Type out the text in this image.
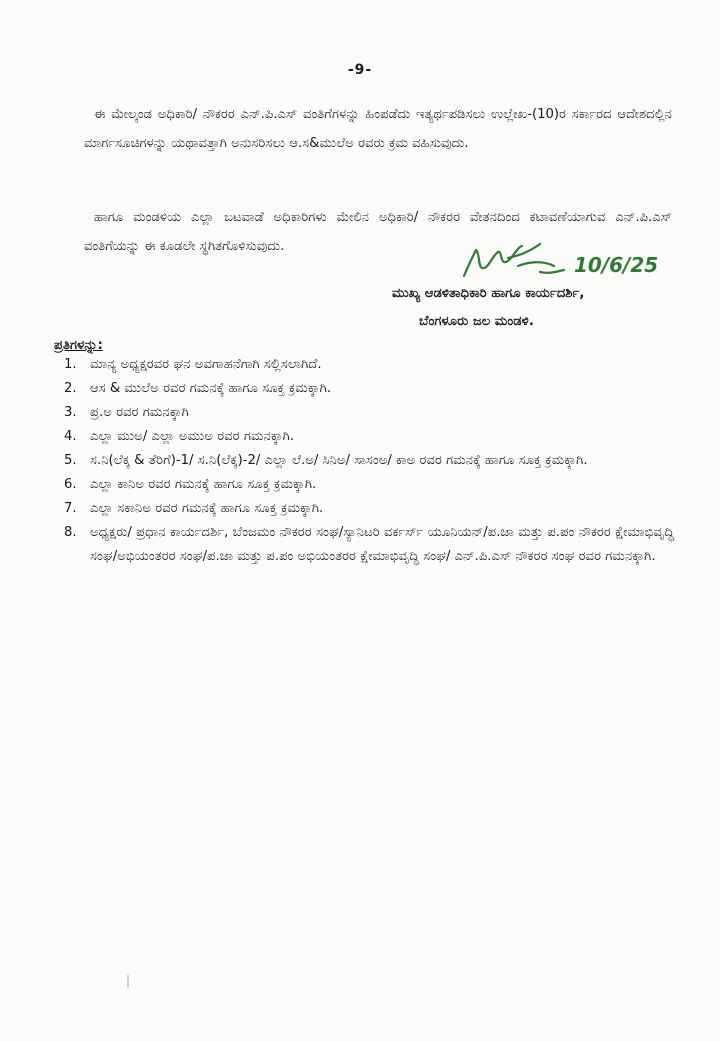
-9-
ಈ ಮೇಲ್ಕಂಡ ಅಧಿಕಾರಿ/ ನೌಕರರ ಎನ್.ಪಿ.ಎಸ್ ವಂತಿಗೆಗಳನ್ನು ಹಿಂಪಡೆದು ಇತ್ಯರ್ಥಪಡಿಸಲು ಉಲ್ಲೇಖ-(10)ರ ಸರ್ಕಾರದ ಆದೇಶದಲ್ಲಿನ ಮಾರ್ಗಸೂಚಿಗಳನ್ನು ಯಥಾವತ್ತಾಗಿ ಅನುಸರಿಸಲು ಆ.ಸ&ಮುಲೆಅ ರವರು ಕ್ರಮ ವಹಿಸುವುದು.
ಹಾಗೂ ಮಂಡಳಿಯ ಎಲ್ಲಾ ಬಟವಾಡೆ ಅಧಿಕಾರಿಗಳು ಮೇಲಿನ ಅಧಿಕಾರಿ/ ನೌಕರರ ವೇತನದಿಂದ ಕಟಾವಣೆಯಾಗುವ ಎನ್.ಪಿ.ಎಸ್ ವಂತಿಗೆಯನ್ನು ಈ ಕೂಡಲೇ ಸ್ಥಗಿತಗೊಳಿಸುವುದು.
10/6/25
ಮುಖ್ಯ ಆಡಳಿತಾಧಿಕಾರಿ ಹಾಗೂ ಕಾರ್ಯದರ್ಶಿ,
ಬೆಂಗಳೂರು ಜಲ ಮಂಡಳಿ.
ಪ್ರತಿಗಳನ್ನು:
1.	ಮಾನ್ಯ ಅಧ್ಯಕ್ಷರವರ ಘನ ಅವಗಾಹನೆಗಾಗಿ ಸಲ್ಲಿಸಲಾಗಿದೆ.
2.	ಆಸ & ಮುಲೆಅ ರವರ ಗಮನಕ್ಕೆ ಹಾಗೂ ಸೂಕ್ತ ಕ್ರಮಕ್ಕಾಗಿ.
3.	ಪ್ರ.ಅ ರವರ ಗಮನಕ್ಕಾಗಿ
4.	ಎಲ್ಲಾ ಮುಅ/ ಎಲ್ಲಾ ಅಮುಅ ರವರ ಗಮನಕ್ಕಾಗಿ.
5.	ಸ.ನಿ(ಲೆಕ್ಕ & ತೆರಿಗೆ)-1/ ಸ.ನಿ(ಲೆಕ್ಕ)-2/ ಎಲ್ಲಾ ಲೆ.ಅ/ ಸಿನಿಅ/ ಸಾಸಂಅ/ ಕಾಅ ರವರ ಗಮನಕ್ಕೆ ಹಾಗೂ ಸೂಕ್ತ ಕ್ರಮಕ್ಕಾಗಿ.
6.	ಎಲ್ಲಾ ಕಾನಿಅ ರವರ ಗಮನಕ್ಕೆ ಹಾಗೂ ಸೂಕ್ತ ಕ್ರಮಕ್ಕಾಗಿ.
7.	ಎಲ್ಲಾ ಸಕಾನಿಅ ರವರ ಗಮನಕ್ಕೆ ಹಾಗೂ ಸೂಕ್ತ ಕ್ರಮಕ್ಕಾಗಿ.
8.	ಅಧ್ಯಕ್ಷರು/ ಪ್ರಧಾನ ಕಾರ್ಯದರ್ಶಿ, ಬೆಂಜಮಂ ನೌಕರರ ಸಂಘ/ಸ್ಯಾನಿಟರಿ ವರ್ಕರ್ಸ್ ಯೂನಿಯನ್/ಪ.ಜಾ ಮತ್ತು ಪ.ಪಂ ನೌಕರರ ಕ್ಷೇಮಾಭಿವೃದ್ಧಿ ಸಂಘ/ಅಭಿಯಂತರರ ಸಂಘ/ಪ.ಜಾ ಮತ್ತು ಪ.ಪಂ ಅಭಿಯಂತರರ ಕ್ಷೇಮಾಭಿವೃದ್ಧಿ ಸಂಘ/ ಎನ್.ಪಿ.ಎಸ್ ನೌಕರರ ಸಂಘ ರವರ ಗಮನಕ್ಕಾಗಿ.
